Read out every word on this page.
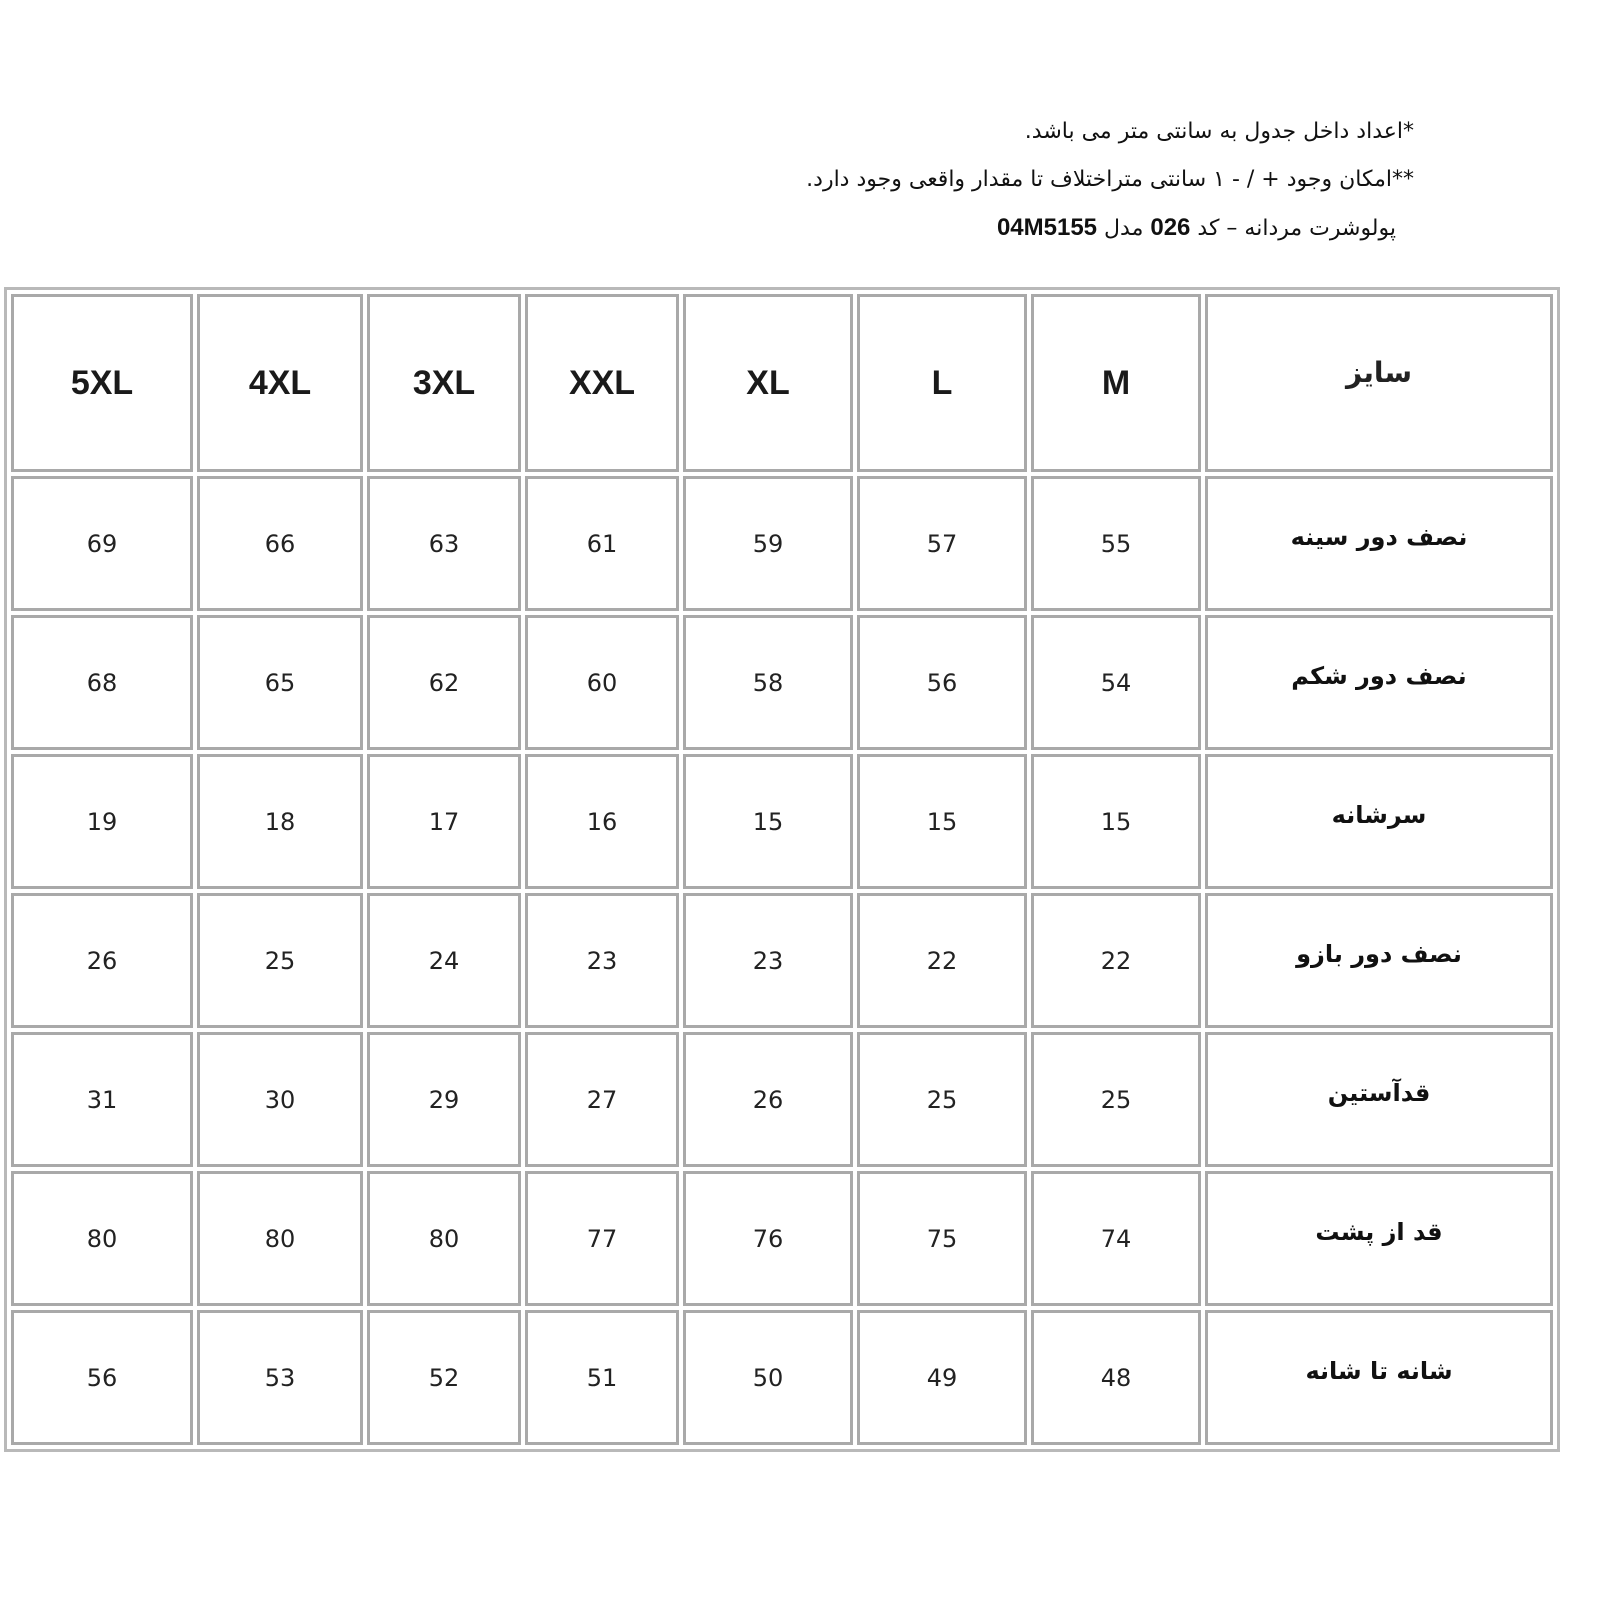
*اعداد داخل جدول به سانتی متر می باشد.
**امکان وجود + / - ۱ سانتی متراختلاف تا مقدار واقعی وجود دارد.
پولوشرت مردانه – کد 026 مدل 04M5155
5XL	4XL	3XL	XXL	XL	L	M	سایز
69	66	63	61	59	57	55	نصف دور سینه
68	65	62	60	58	56	54	نصف دور شکم
19	18	17	16	15	15	15	سرشانه
26	25	24	23	23	22	22	نصف دور بازو
31	30	29	27	26	25	25	قدآستین
80	80	80	77	76	75	74	قد از پشت
56	53	52	51	50	49	48	شانه تا شانه
